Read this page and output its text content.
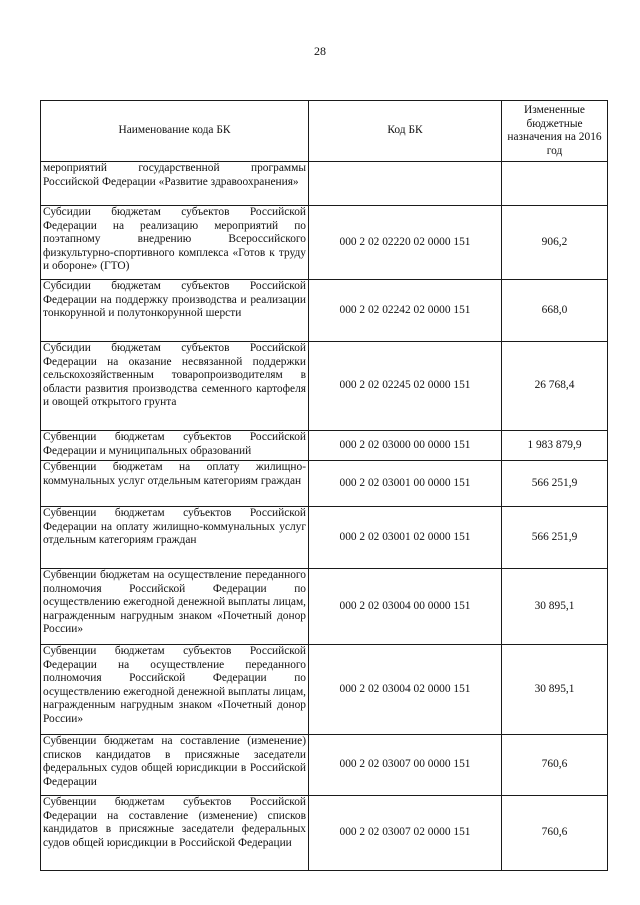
28
Наименование кода БК	Код БК	Измененные бюджетные назначения на 2016 год
мероприятий государственной программы Российской Федерации «Развитие здравоохранения»		
Субсидии бюджетам субъектов Российской Федерации на реализацию мероприятий по поэтапному внедрению Всероссийского физкультурно-спортивного комплекса «Готов к труду и обороне» (ГТО)	000 2 02 02220 02 0000 151	906,2
Субсидии бюджетам субъектов Российской Федерации на поддержку производства и реализации тонкорунной и полутонкорунной шерсти	000 2 02 02242 02 0000 151	668,0
Субсидии бюджетам субъектов Российской Федерации на оказание несвязанной поддержки сельскохозяйственным товаропроизводителям в области развития производства семенного картофеля и овощей открытого грунта	000 2 02 02245 02 0000 151	26 768,4
Субвенции бюджетам субъектов Российской Федерации и муниципальных образований	000 2 02 03000 00 0000 151	1 983 879,9
Субвенции бюджетам на оплату жилищно-коммунальных услуг отдельным категориям граждан	000 2 02 03001 00 0000 151	566 251,9
Субвенции бюджетам субъектов Российской Федерации на оплату жилищно-коммунальных услуг отдельным категориям граждан	000 2 02 03001 02 0000 151	566 251,9
Субвенции бюджетам на осуществление переданного полномочия Российской Федерации по осуществлению ежегодной денежной выплаты лицам, награжденным нагрудным знаком «Почетный донор России»	000 2 02 03004 00 0000 151	30 895,1
Субвенции бюджетам субъектов Российской Федерации на осуществление переданного полномочия Российской Федерации по осуществлению ежегодной денежной выплаты лицам, награжденным нагрудным знаком «Почетный донор России»	000 2 02 03004 02 0000 151	30 895,1
Субвенции бюджетам на составление (изменение) списков кандидатов в присяжные заседатели федеральных судов общей юрисдикции в Российской Федерации	000 2 02 03007 00 0000 151	760,6
Субвенции бюджетам субъектов Российской Федерации на составление (изменение) списков кандидатов в присяжные заседатели федеральных судов общей юрисдикции в Российской Федерации	000 2 02 03007 02 0000 151	760,6
